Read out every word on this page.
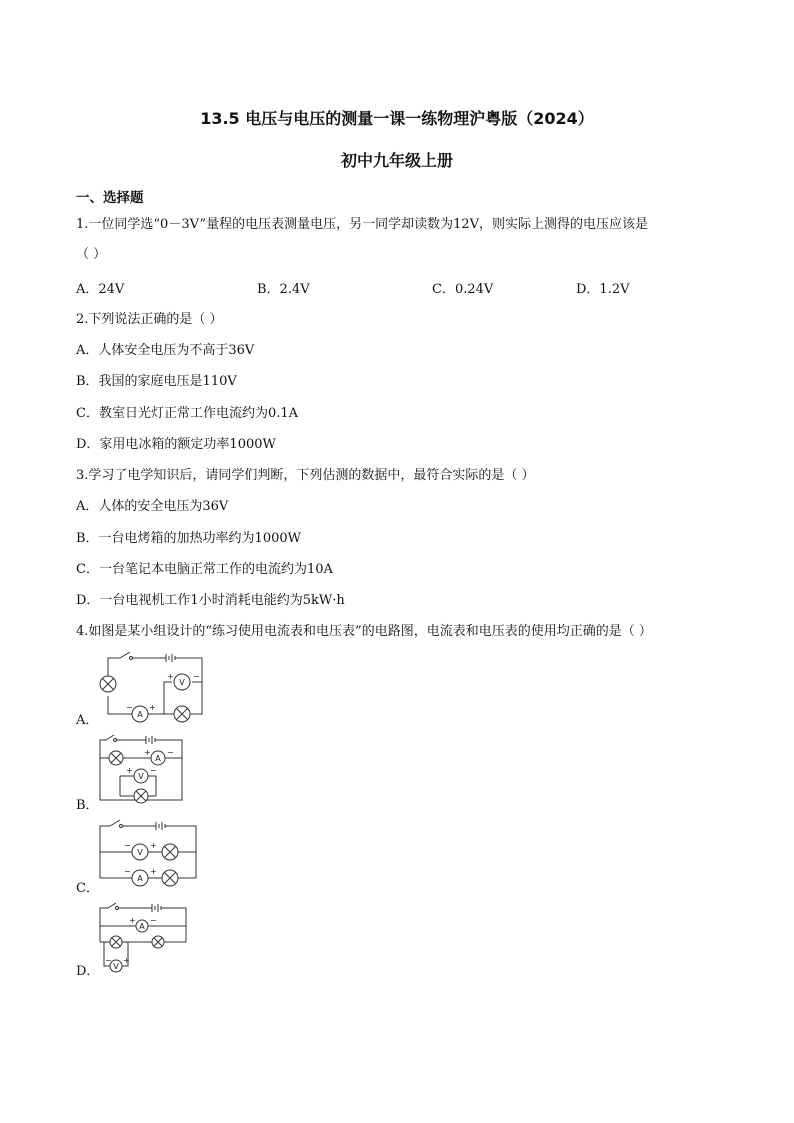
13.5 电压与电压的测量一课一练物理沪粤版（2024）
初中九年级上册
一、选择题
1.一位同学选“0－3V”量程的电压表测量电压，另一同学却读数为12V，则实际上测得的电压应该是
（ ）
A．24V	B．2.4V	C．0.24V	D．1.2V
2.下列说法正确的是（ ）
A．人体安全电压为不高于36V
B．我国的家庭电压是110V
C．教室日光灯正常工作电流约为0.1A
D．家用电冰箱的额定功率1000W
3.学习了电学知识后，请同学们判断，下列估测的数据中，最符合实际的是（ ）
A．人体的安全电压为36V
B．一台电烤箱的加热功率约为1000W
C．一台笔记本电脑正常工作的电流约为10A
D．一台电视机工作1小时消耗电能约为5kW·h
4.如图是某小组设计的“练习使用电流表和电压表”的电路图，电流表和电压表的使用均正确的是（ ）
A．
V
+ −
A
− +
B．
A
+ −
V
+ −
C．
V
− +
A
− +
D．
A
+ −
V
− +
